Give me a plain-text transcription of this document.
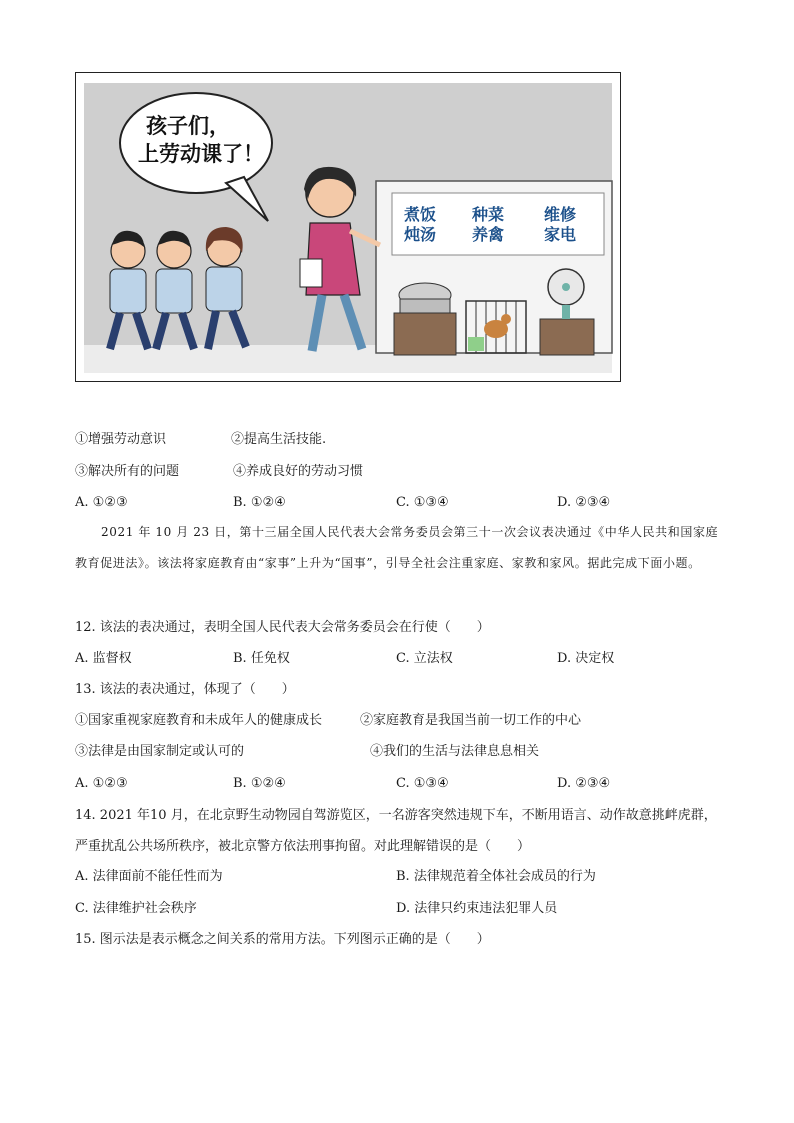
孩子们，
上劳动课了！
煮饭
炖汤
种菜
养禽
维修
家电
①增强劳动意识	②提高生活技能.
③解决所有的问题	④养成良好的劳动习惯
A. ①②③	B. ①②④	C. ①③④	D. ②③④
2021 年 10 月 23 日，第十三届全国人民代表大会常务委员会第三十一次会议表决通过《中华人民共和国家庭教育促进法》。该法将家庭教育由“家事”上升为“国事”，引导全社会注重家庭、家教和家风。据此完成下面小题。
12. 该法的表决通过，表明全国人民代表大会常务委员会在行使（　　）
A. 监督权	B. 任免权	C. 立法权	D. 决定权
13. 该法的表决通过，体现了（　　）
①国家重视家庭教育和未成年人的健康成长	②家庭教育是我国当前一切工作的中心
③法律是由国家制定或认可的	④我们的生活与法律息息相关
A. ①②③	B. ①②④	C. ①③④	D. ②③④
14. 2021 年10 月，在北京野生动物园自驾游览区，一名游客突然违规下车，不断用语言、动作故意挑衅虎群，严重扰乱公共场所秩序，被北京警方依法刑事拘留。对此理解错误的是（　　）
A. 法律面前不能任性而为	B. 法律规范着全体社会成员的行为
C. 法律维护社会秩序	D. 法律只约束违法犯罪人员
15. 图示法是表示概念之间关系的常用方法。下列图示正确的是（　　）
